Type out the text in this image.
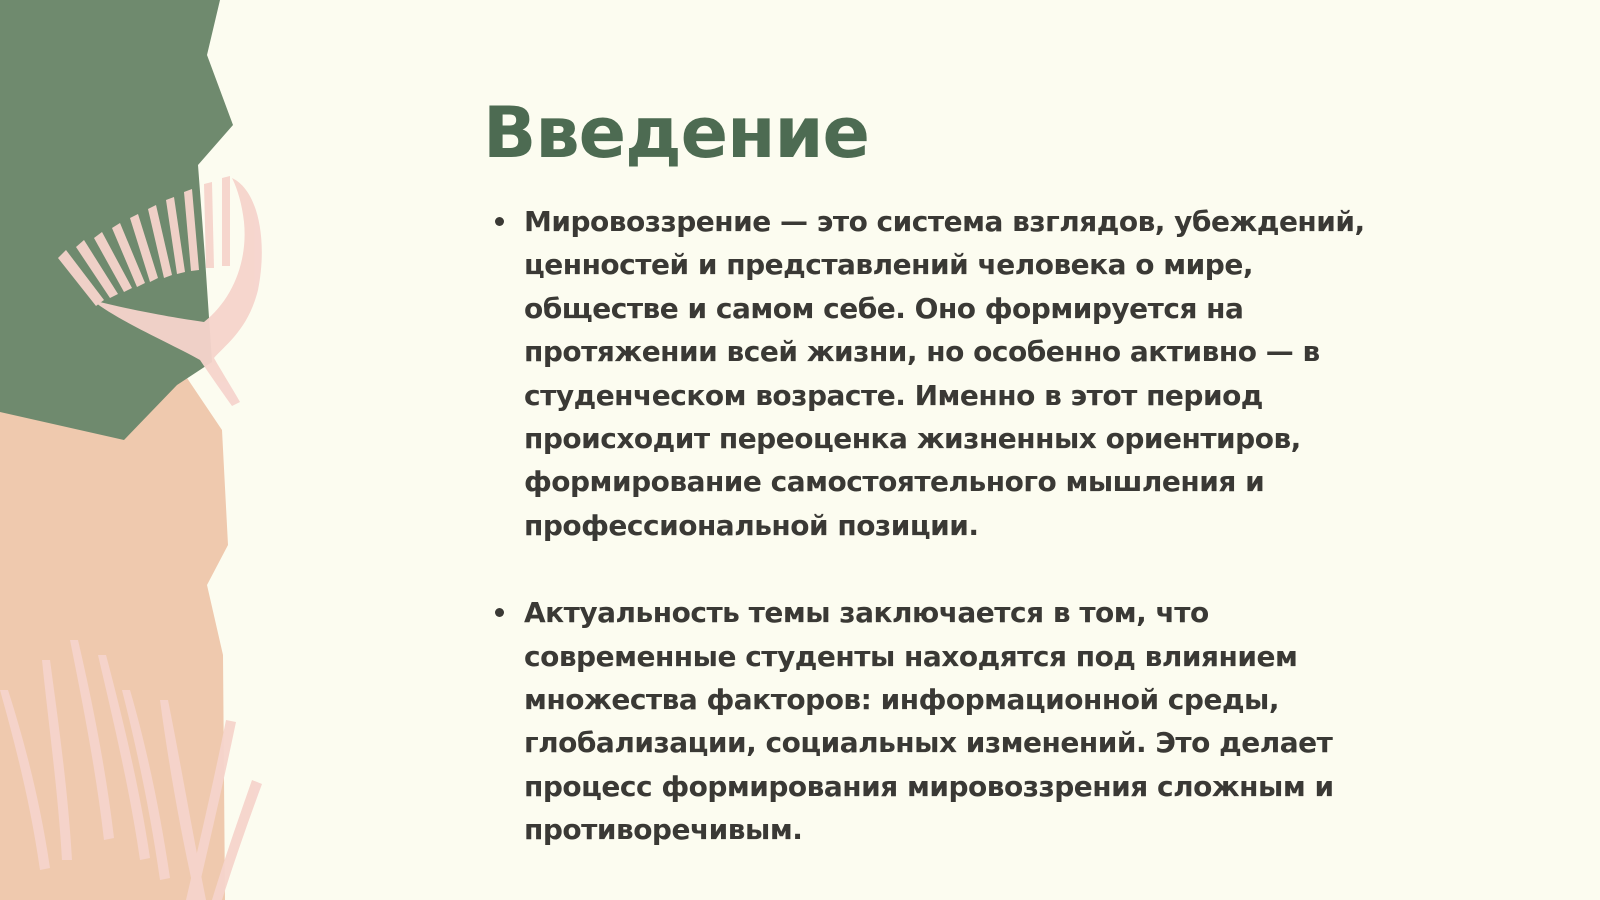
Введение
Мировоззрение — это система взглядов, убеждений, ценностей и представлений человека о мире, обществе и самом себе. Оно формируется на протяжении всей жизни, но особенно активно — в студенческом возрасте. Именно в этот период происходит переоценка жизненных ориентиров, формирование самостоятельного мышления и профессиональной позиции.
Актуальность темы заключается в том, что современные студенты находятся под влиянием множества факторов: информационной среды, глобализации, социальных изменений. Это делает процесс формирования мировоззрения сложным и противоречивым.
